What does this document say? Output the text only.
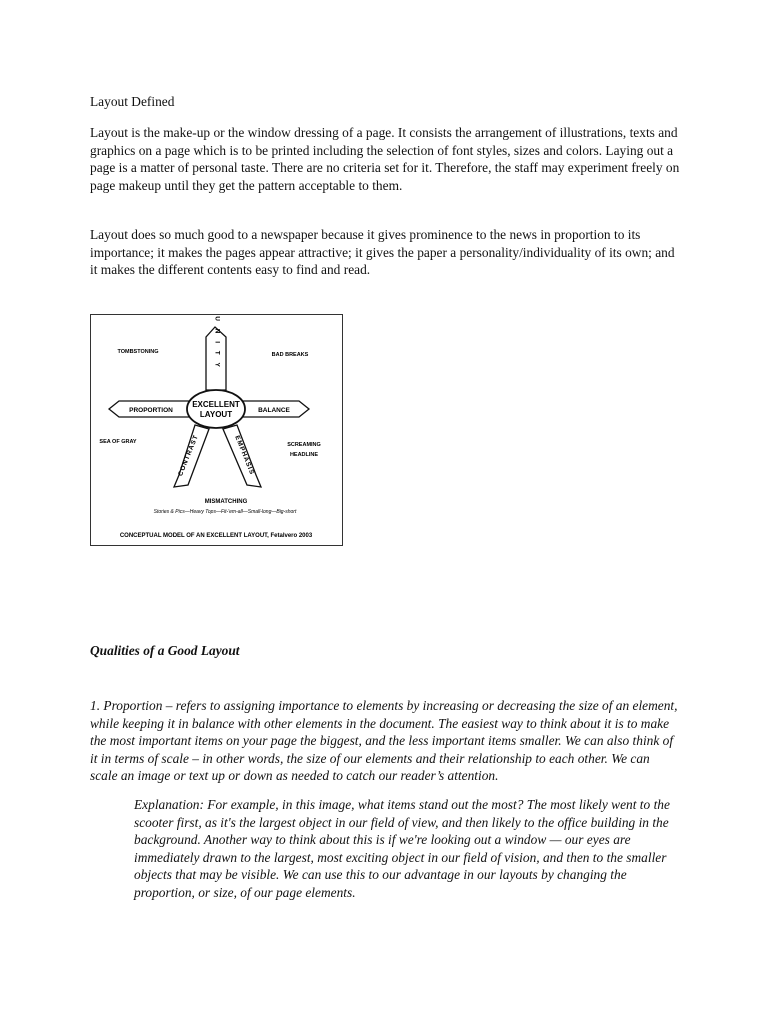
Layout Defined

Layout is the make-up or the window dressing of a page. It consists the arrangement of illustrations, texts and graphics on a page which is to be printed including the selection of font styles, sizes and colors. Laying out a page is a matter of personal taste. There are no criteria set for it. Therefore, the staff may experiment freely on page makeup until they get the pattern acceptable to them.

Layout does so much good to a newspaper because it gives prominence to the news in proportion to its importance; it makes the pages appear attractive; it gives the paper a personality/individuality of its own; and it makes the different contents easy to find and read.

EXCELLENT
LAYOUT
U N I T Y
PROPORTION	BALANCE
CONTRAST	EMPHASIS
TOMBSTONING	BAD BREAKS
SEA OF GRAY	SCREAMING
HEADLINE
MISMATCHING
Stories & Pics—Heavy Tops—Fit-'em-all—Small-long—Big-short
CONCEPTUAL MODEL OF AN EXCELLENT LAYOUT, Fetalvero 2003
Qualities of a Good Layout

1. Proportion – refers to assigning importance to elements by increasing or decreasing the size of an element, while keeping it in balance with other elements in the document. The easiest way to think about it is to make the most important items on your page the biggest, and the less important items smaller. We can also think of it in terms of scale – in other words, the size of our elements and their relationship to each other. We can scale an image or text up or down as needed to catch our reader’s attention.

Explanation: For example, in this image, what items stand out the most? The most likely went to the scooter first, as it's the largest object in our field of view, and then likely to the office building in the background. Another way to think about this is if we're looking out a window — our eyes are immediately drawn to the largest, most exciting object in our field of vision, and then to the smaller objects that may be visible. We can use this to our advantage in our layouts by changing the proportion, or size, of our page elements.
